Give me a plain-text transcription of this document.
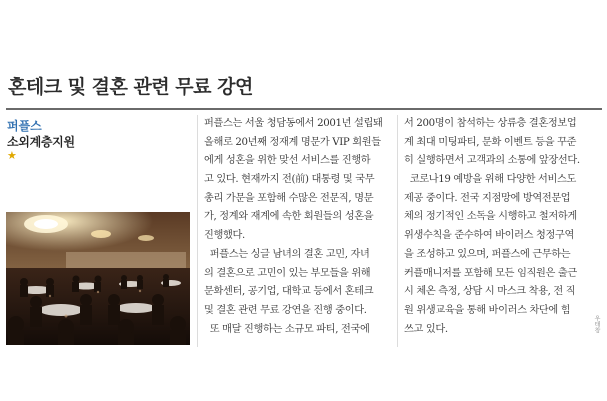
혼테크 및 결혼 관련 무료 강연
퍼플스
소외계층지원
★
퍼플스는 서울 청담동에서 2001년 설립돼
올해로 20년째 정재계 명문가 VIP 회원들
에게 성혼을 위한 맞선 서비스를 진행하
고 있다. 현재까지 전(前) 대통령 및 국무
총리 가문을 포함해 수많은 전문직, 명문
가, 정계와 재계에 속한 회원들의 성혼을
진행했다.
퍼플스는 싱글 남녀의 결혼 고민, 자녀
의 결혼으로 고민이 있는 부모들을 위해
문화센터, 공기업, 대학교 등에서 혼테크
및 결혼 관련 무료 강연을 진행 중이다.
또 매달 진행하는 소규모 파티, 전국에
서 200명이 참석하는 상류층 결혼정보업
계 최대 미팅파티, 문화 이벤트 등을 꾸준
히 실행하면서 고객과의 소통에 앞장선다.
코로나19 예방을 위해 다양한 서비스도
제공 중이다. 전국 지점망에 방역전문업
체의 정기적인 소독을 시행하고 철저하게
위생수칙을 준수하여 바이러스 청정구역
을 조성하고 있으며, 퍼플스에 근무하는
커플매니저를 포함해 모든 임직원은 출근
시 체온 측정, 상담 시 마스크 착용, 전 직
원 위생교육을 통해 바이러스 차단에 힘
쓰고 있다.	우태창
